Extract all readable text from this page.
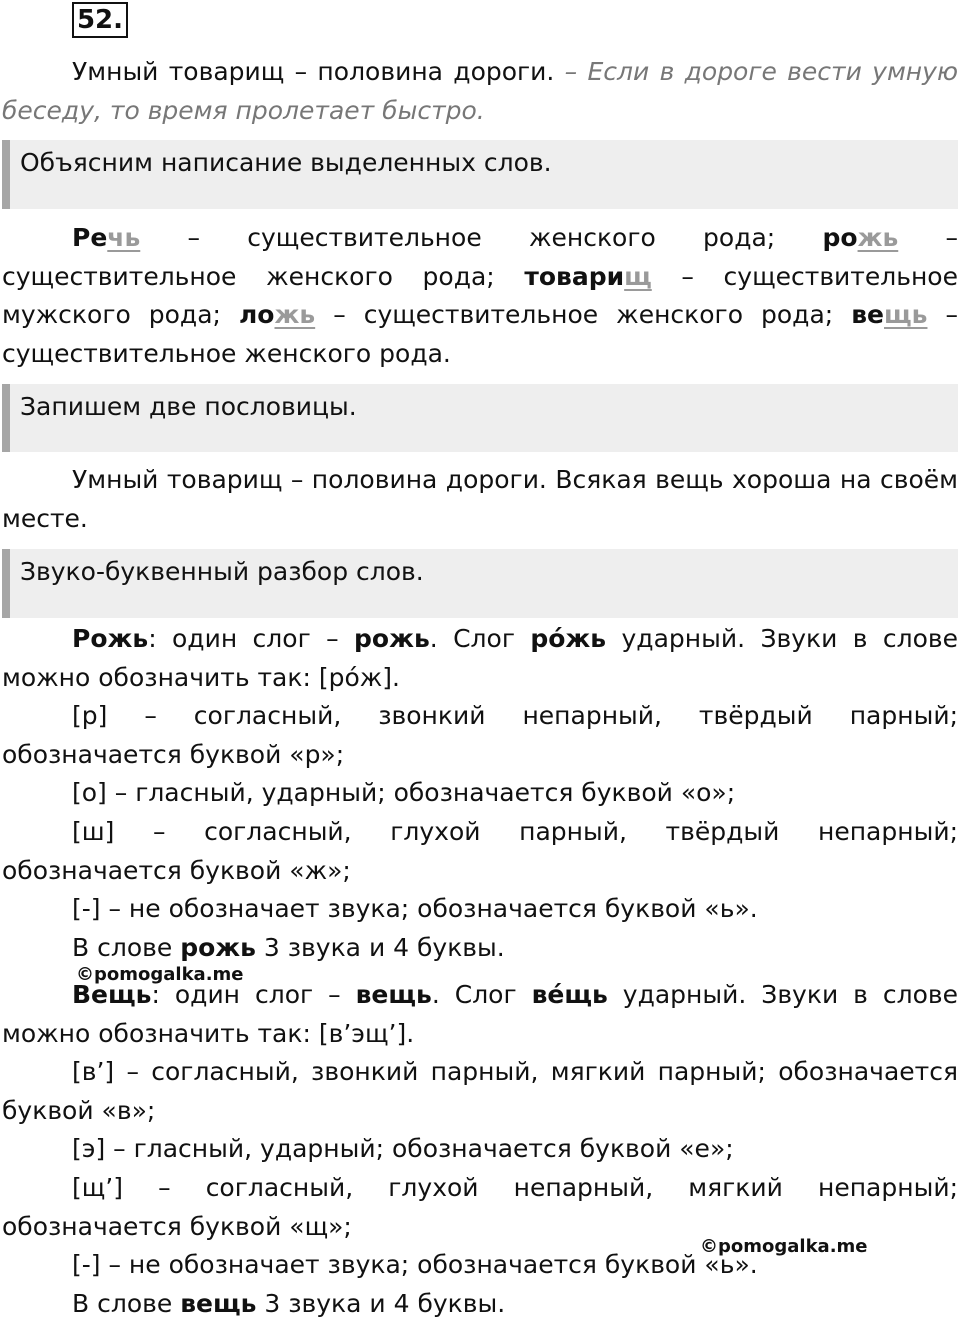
52.
Умный товарищ – половина дороги. – Если в дороге вести умную беседу, то время пролетает быстро.
Объясним написание выделенных слов.
Речь – существительное женского рода; рожь – существительное женского рода; товарищ – существительное мужского рода; ложь – существительное женского рода; вещь – существительное женского рода.
Запишем две пословицы.
Умный товарищ – половина дороги. Всякая вещь хороша на своём месте.
Звуко-буквенный разбор слов.
Рожь: один слог – рожь. Слог ро́жь ударный. Звуки в слове можно обозначить так: [ро́ж].
[р] – согласный, звонкий непарный, твёрдый парный; обозначается буквой «р»;
[о] – гласный, ударный; обозначается буквой «о»;
[ш] – согласный, глухой парный, твёрдый непарный; обозначается буквой «ж»;
[-] – не обозначает звука; обозначается буквой «ь».
В слове рожь 3 звука и 4 буквы.
©pomogalka.me
Вещь: один слог – вещь. Слог ве́щь ударный. Звуки в слове можно обозначить так: [в’эщ’].
[в’] – согласный, звонкий парный, мягкий парный; обозначается буквой «в»;
[э] – гласный, ударный; обозначается буквой «е»;
[щ’] – согласный, глухой непарный, мягкий непарный; обозначается буквой «щ»;
©pomogalka.me
[-] – не обозначает звука; обозначается буквой «ь».
В слове вещь 3 звука и 4 буквы.
